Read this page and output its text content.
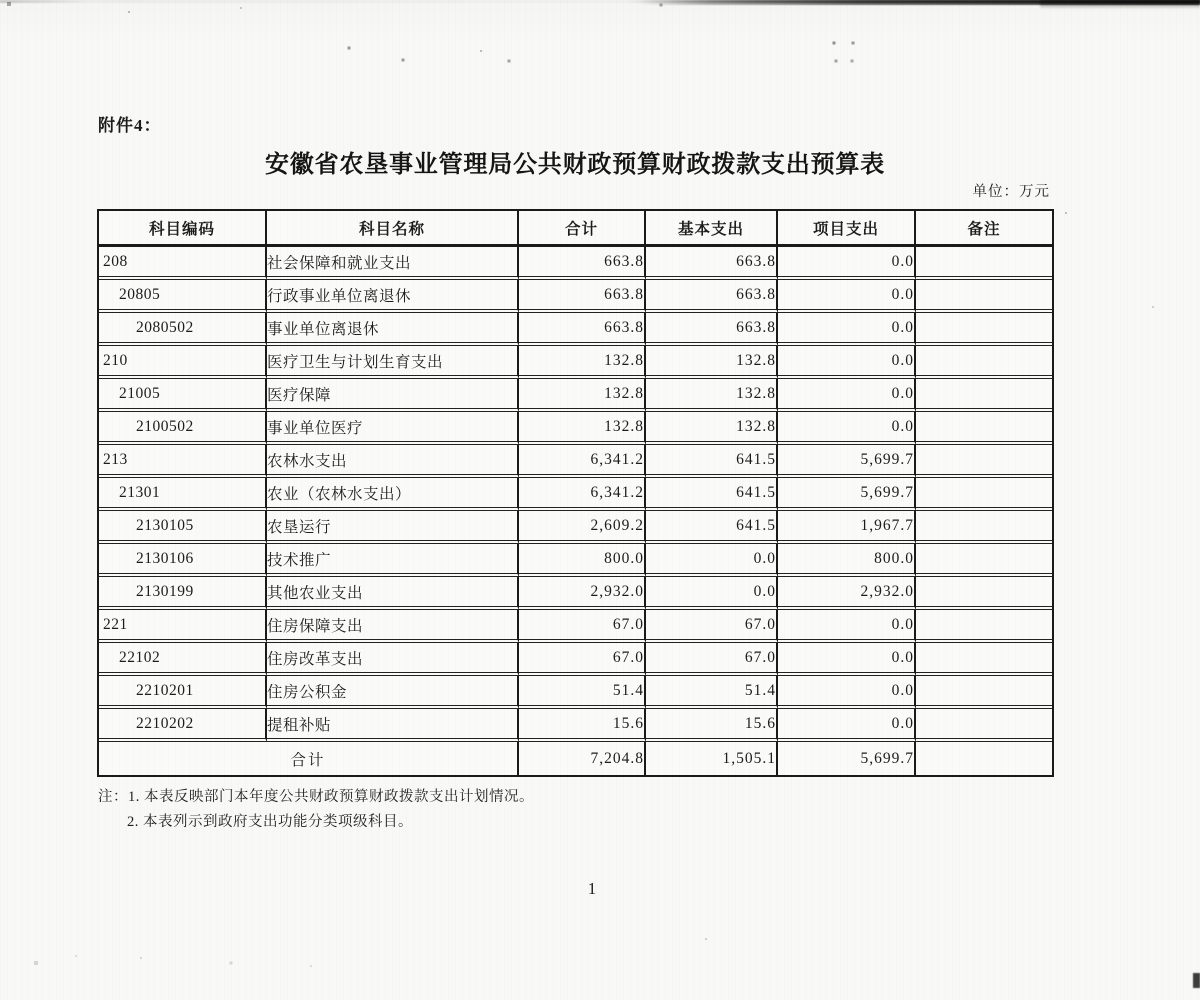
附件4：
安徽省农垦事业管理局公共财政预算财政拨款支出预算表
单位：万元
科目编码	科目名称	合计	基本支出	项目支出	备注
208	社会保障和就业支出	663.8	663.8	0.0	
20805	行政事业单位离退休	663.8	663.8	0.0	
2080502	事业单位离退休	663.8	663.8	0.0	
210	医疗卫生与计划生育支出	132.8	132.8	0.0	
21005	医疗保障	132.8	132.8	0.0	
2100502	事业单位医疗	132.8	132.8	0.0	
213	农林水支出	6,341.2	641.5	5,699.7	
21301	农业（农林水支出）	6,341.2	641.5	5,699.7	
2130105	农垦运行	2,609.2	641.5	1,967.7	
2130106	技术推广	800.0	0.0	800.0	
2130199	其他农业支出	2,932.0	0.0	2,932.0	
221	住房保障支出	67.0	67.0	0.0	
22102	住房改革支出	67.0	67.0	0.0	
2210201	住房公积金	51.4	51.4	0.0	
2210202	提租补贴	15.6	15.6	0.0	
合计		7,204.8	1,505.1	5,699.7	
注：1. 本表反映部门本年度公共财政预算财政拨款支出计划情况。
2. 本表列示到政府支出功能分类项级科目。
1
